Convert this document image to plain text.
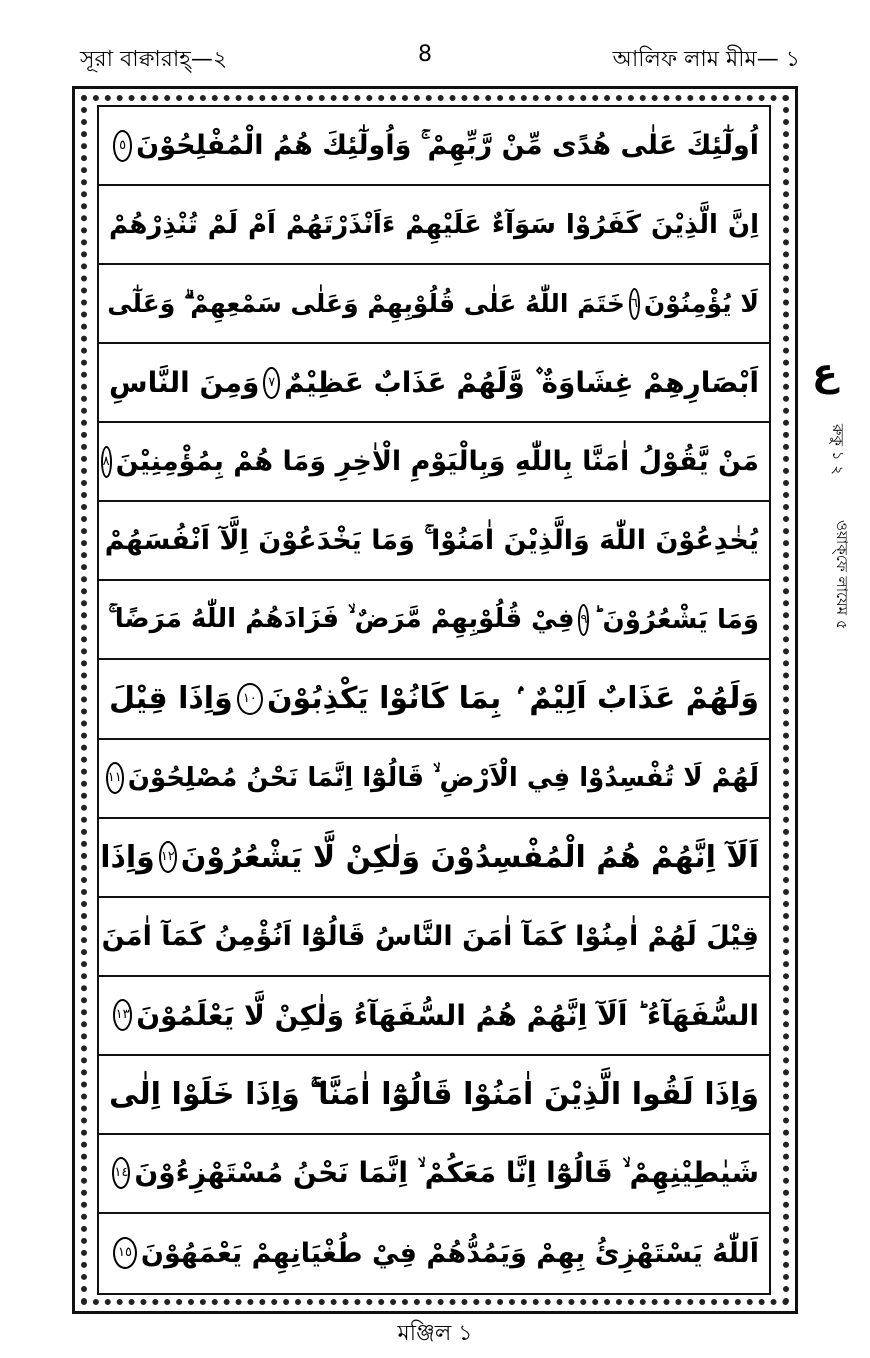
সূরা বাক্বারাহ্—২	8	আলিফ লাম মীম— ১
اُولٰٓئِكَ عَلٰى هُدًى مِّنْ رَّبِّهِمْ ۚ وَاُولٰٓئِكَ هُمُ الْمُفْلِحُوْنَ
٥
اِنَّ الَّذِيْنَ كَفَرُوْا سَوَآءٌ عَلَيْهِمْ ءَاَنْذَرْتَهُمْ اَمْ لَمْ تُنْذِرْهُمْ
لَا يُؤْمِنُوْنَ
٦
خَتَمَ اللّٰهُ عَلٰى قُلُوْبِهِمْ وَعَلٰى سَمْعِهِمْ ۗ وَعَلٰٓى
اَبْصَارِهِمْ غِشَاوَةٌ ۫ وَّلَهُمْ عَذَابٌ عَظِيْمٌ
٧
وَمِنَ النَّاسِ
مَنْ يَّقُوْلُ اٰمَنَّا بِاللّٰهِ وَبِالْيَوْمِ الْاٰخِرِ وَمَا هُمْ بِمُؤْمِنِيْنَ
٨
يُخٰدِعُوْنَ اللّٰهَ وَالَّذِيْنَ اٰمَنُوْا ۚ وَمَا يَخْدَعُوْنَ اِلَّآ اَنْفُسَهُمْ
وَمَا يَشْعُرُوْنَ ؕ
٩
فِيْ قُلُوْبِهِمْ مَّرَضٌ ۙ فَزَادَهُمُ اللّٰهُ مَرَضًا ۚ
وَلَهُمْ عَذَابٌ اَلِيْمٌ ۢ بِمَا كَانُوْا يَكْذِبُوْنَ
١٠
وَاِذَا قِيْلَ
لَهُمْ لَا تُفْسِدُوْا فِي الْاَرْضِ ۙ قَالُوْٓا اِنَّمَا نَحْنُ مُصْلِحُوْنَ
١١
اَلَآ اِنَّهُمْ هُمُ الْمُفْسِدُوْنَ وَلٰكِنْ لَّا يَشْعُرُوْنَ
١٢
وَاِذَا
قِيْلَ لَهُمْ اٰمِنُوْا كَمَآ اٰمَنَ النَّاسُ قَالُوْٓا اَنُؤْمِنُ كَمَآ اٰمَنَ
السُّفَهَآءُ ؕ اَلَآ اِنَّهُمْ هُمُ السُّفَهَآءُ وَلٰكِنْ لَّا يَعْلَمُوْنَ
١٣
وَاِذَا لَقُوا الَّذِيْنَ اٰمَنُوْا قَالُوْٓا اٰمَنَّا ۖۚ وَاِذَا خَلَوْا اِلٰى
شَيٰطِيْنِهِمْ ۙ قَالُوْٓا اِنَّا مَعَكُمْ ۙ اِنَّمَا نَحْنُ مُسْتَهْزِءُوْنَ
١٤
اَللّٰهُ يَسْتَهْزِئُ بِهِمْ وَيَمُدُّهُمْ فِيْ طُغْيَانِهِمْ يَعْمَهُوْنَ
١٥
ع
রুকু ১ ২
ওয়াক্‌ফে লাযেম ৫
মঞ্জিল ১
